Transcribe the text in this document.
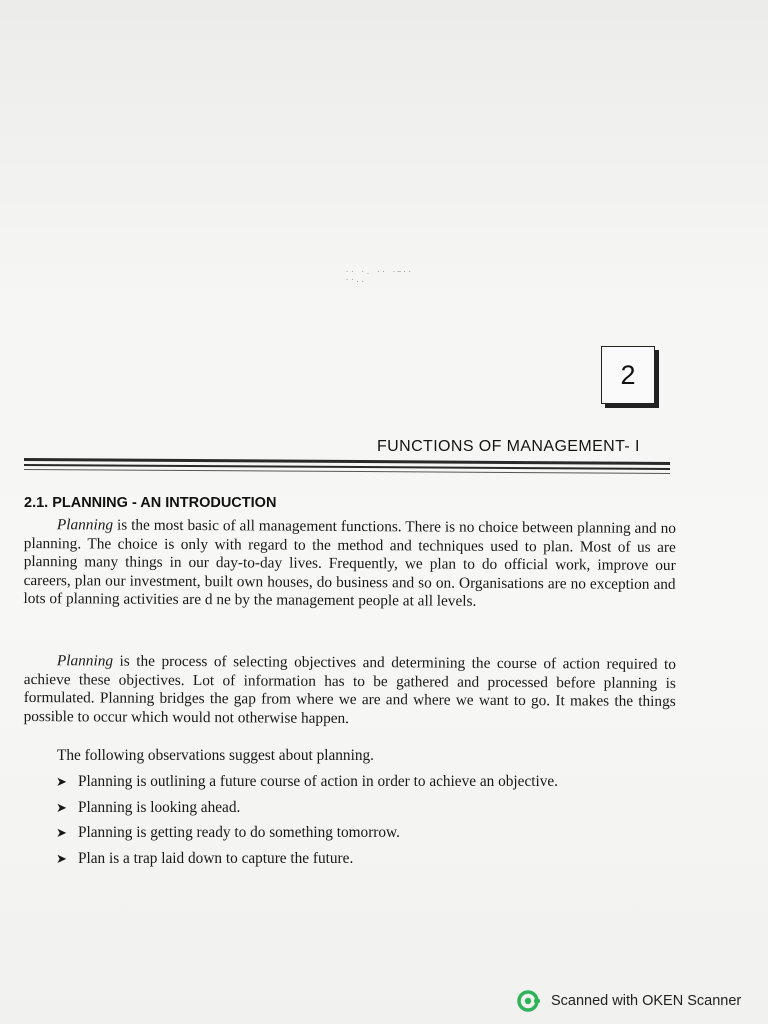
·· ·. ·· ·~·· ··..
2
FUNCTIONS OF MANAGEMENT- I
2.1. PLANNING - AN INTRODUCTION
Planning is the most basic of all management functions. There is no choice between planning and no planning. The choice is only with regard to the method and techniques used to plan. Most of us are planning many things in our day-to-day lives. Frequently, we plan to do official work, improve our careers, plan our investment, built own houses, do business and so on. Organisations are no exception and lots of planning activities are d ne by the management people at all levels.
Planning is the process of selecting objectives and determining the course of action required to achieve these objectives. Lot of information has to be gathered and processed before planning is formulated. Planning bridges the gap from where we are and where we want to go. It makes the things possible to occur which would not otherwise happen.
The following observations suggest about planning.
➤ Planning is outlining a future course of action in order to achieve an objective.
➤ Planning is looking ahead.
➤ Planning is getting ready to do something tomorrow.
➤ Plan is a trap laid down to capture the future.
Scanned with OKEN Scanner
